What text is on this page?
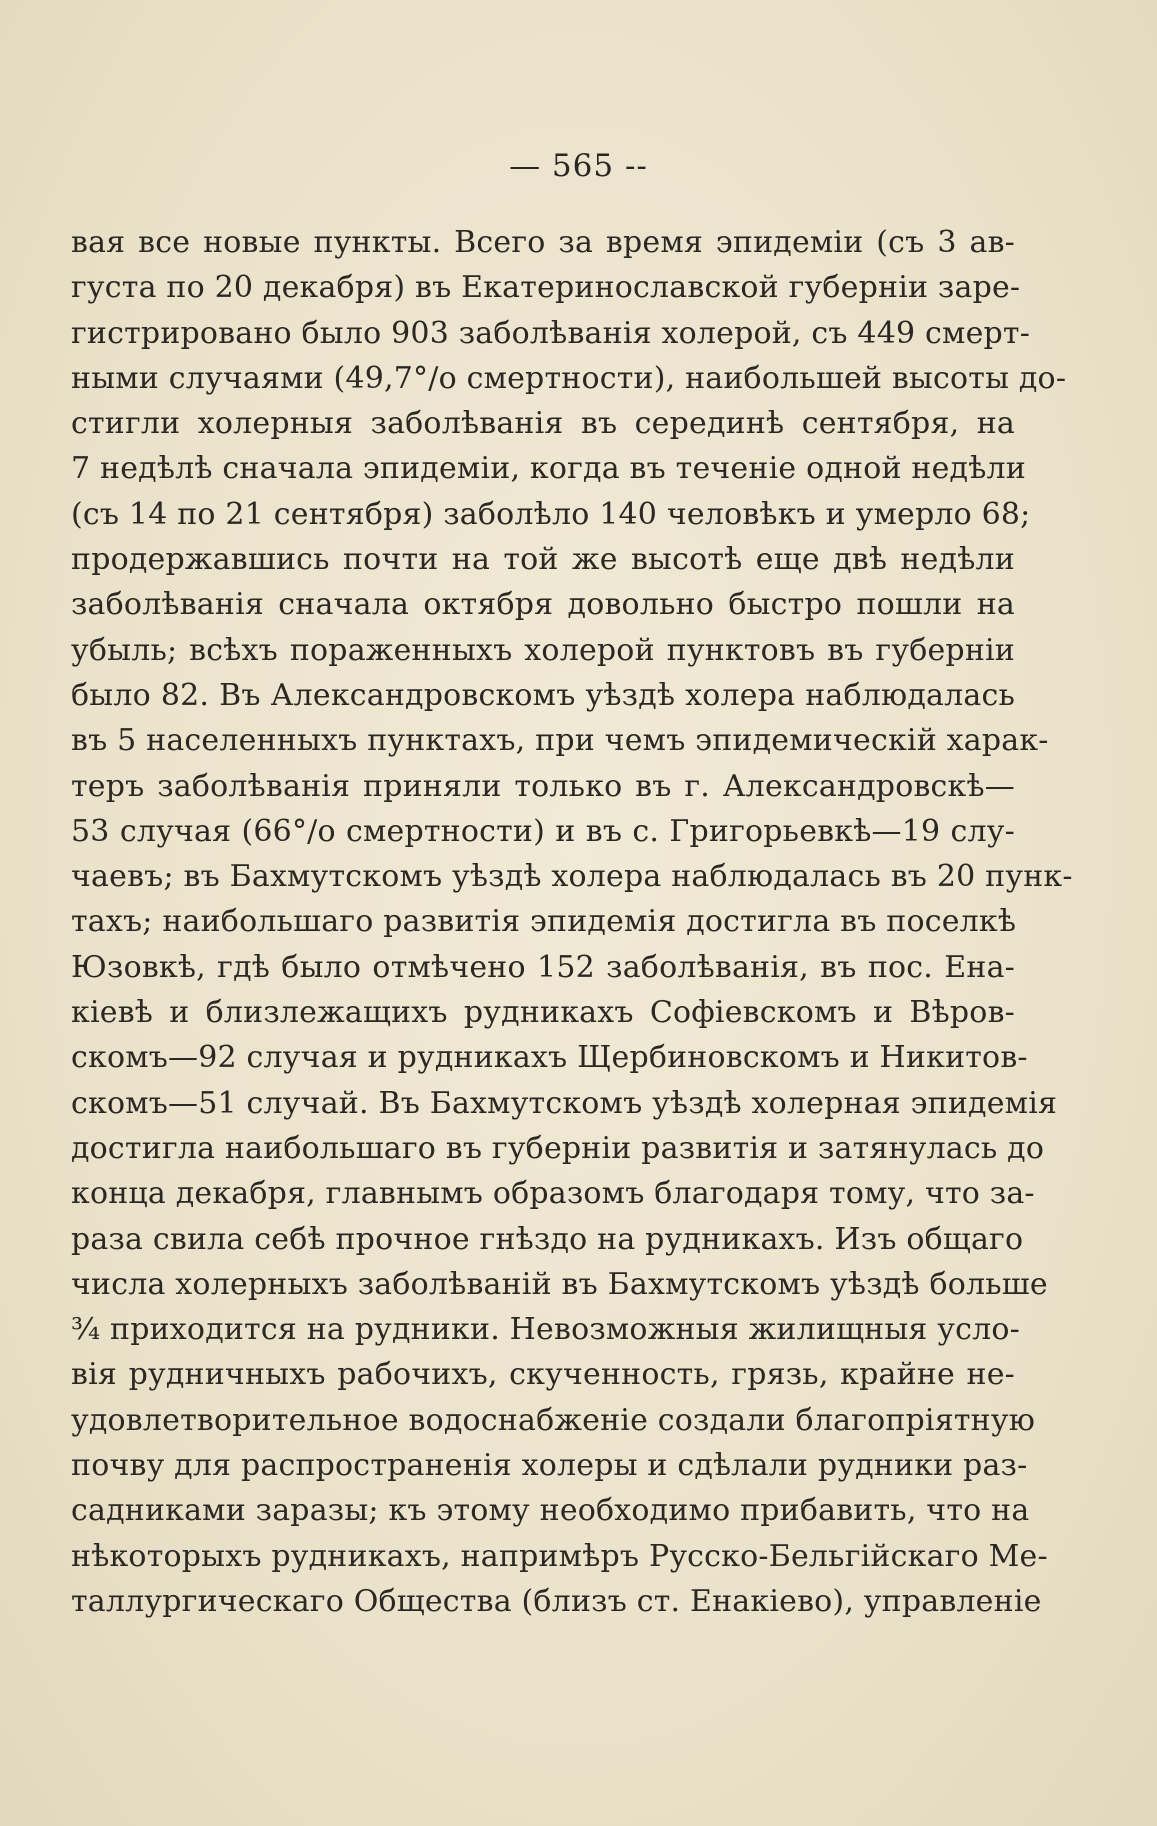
— 565 --
вая все новые пункты. Всего за время эпидеміи (съ 3 ав-
густа по 20 декабря) въ Екатеринославской губерніи заре-
гистрировано было 903 заболѣванія холерой, съ 449 смерт-
ными случаями (49,7°/о смертности), наибольшей высоты до-
стигли холерныя заболѣванія въ серединѣ сентября, на
7 недѣлѣ сначала эпидеміи, когда въ теченіе одной недѣли
(съ 14 по 21 сентября) заболѣло 140 человѣкъ и умерло 68;
продержавшись почти на той же высотѣ еще двѣ недѣли
заболѣванія сначала октября довольно быстро пошли на
убыль; всѣхъ пораженныхъ холерой пунктовъ въ губерніи
было 82. Въ Александровскомъ уѣздѣ холера наблюдалась
въ 5 населенныхъ пунктахъ, при чемъ эпидемическій харак-
теръ заболѣванія приняли только въ г. Александровскѣ—
53 случая (66°/о смертности) и въ с. Григорьевкѣ—19 слу-
чаевъ; въ Бахмутскомъ уѣздѣ холера наблюдалась въ 20 пунк-
тахъ; наибольшаго развитія эпидемія достигла въ поселкѣ
Юзовкѣ, гдѣ было отмѣчено 152 заболѣванія, въ пос. Ена-
кіевѣ и близлежащихъ рудникахъ Софіевскомъ и Вѣров-
скомъ—92 случая и рудникахъ Щербиновскомъ и Никитов-
скомъ—51 случай. Въ Бахмутскомъ уѣздѣ холерная эпидемія
достигла наибольшаго въ губерніи развитія и затянулась до
конца декабря, главнымъ образомъ благодаря тому, что за-
раза свила себѣ прочное гнѣздо на рудникахъ. Изъ общаго
числа холерныхъ заболѣваній въ Бахмутскомъ уѣздѣ больше
¾ приходится на рудники. Невозможныя жилищныя усло-
вія рудничныхъ рабочихъ, скученность, грязь, крайне не-
удовлетворительное водоснабженіе создали благопріятную
почву для распространенія холеры и сдѣлали рудники раз-
садниками заразы; къ этому необходимо прибавить, что на
нѣкоторыхъ рудникахъ, напримѣръ Русско-Бельгійскаго Ме-
таллургическаго Общества (близъ ст. Енакіево), управленіе
